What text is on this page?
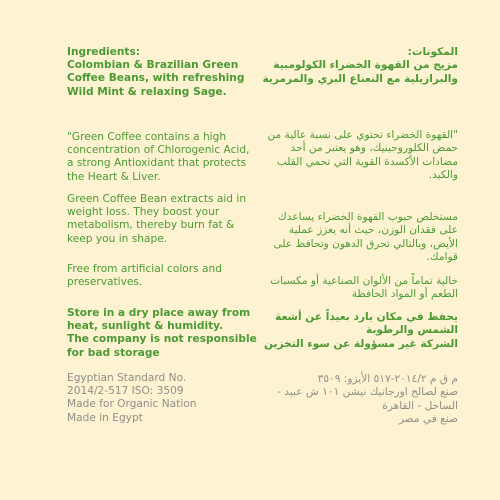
Ingredients:

Colombian & Brazilian Green Coffee Beans, with refreshing Wild Mint & relaxing Sage.

"Green Coffee contains a high concentration of Chlorogenic Acid, a strong Antioxidant that protects the Heart & Liver.

Green Coffee Bean extracts aid in weight loss. They boost your metabolism, thereby burn fat & keep you in shape.

Free from artificial colors and preservatives.

Store in a dry place away from heat, sunlight & humidity.

The company is not responsible for bad storage

Egyptian Standard No.

2014/2-517 ISO: 3509

Made for Organic Nation

Made in Egypt

المكونات:

مزيج من القهوة الخضراء الكولومبية والبرازيلية مع النعناع البري والمرمرية

"القهوة الخضراء تحتوي على نسبة عالية من حمض الكلوروجينيك، وهو يعتبر من أحد مضادات الأكسدة القوية التي تحمي القلب والكبد.

مستخلص حبوب القهوة الخضراء يساعدك على فقدان الوزن، حيث أنه يعزز عملية الأيض، وبالتالي تحرق الدهون وتحافظ على قوامك.

خالية تماماً من الألوان الصناعية أو مكسبات الطعم أو المواد الحافظة

يحفظ في مكان بارد بعيداً عن أشعة الشمس والرطوبة

الشركة غير مسؤولة عن سوء التخزين

م ق م ٢٠١٤/٢-٥١٧ الأيزو: ٣٥٠٩

صنع لصالح اورجانيك نيشن ١٠١ ش عبيد - الساحل - القاهرة

صنع في مصر
